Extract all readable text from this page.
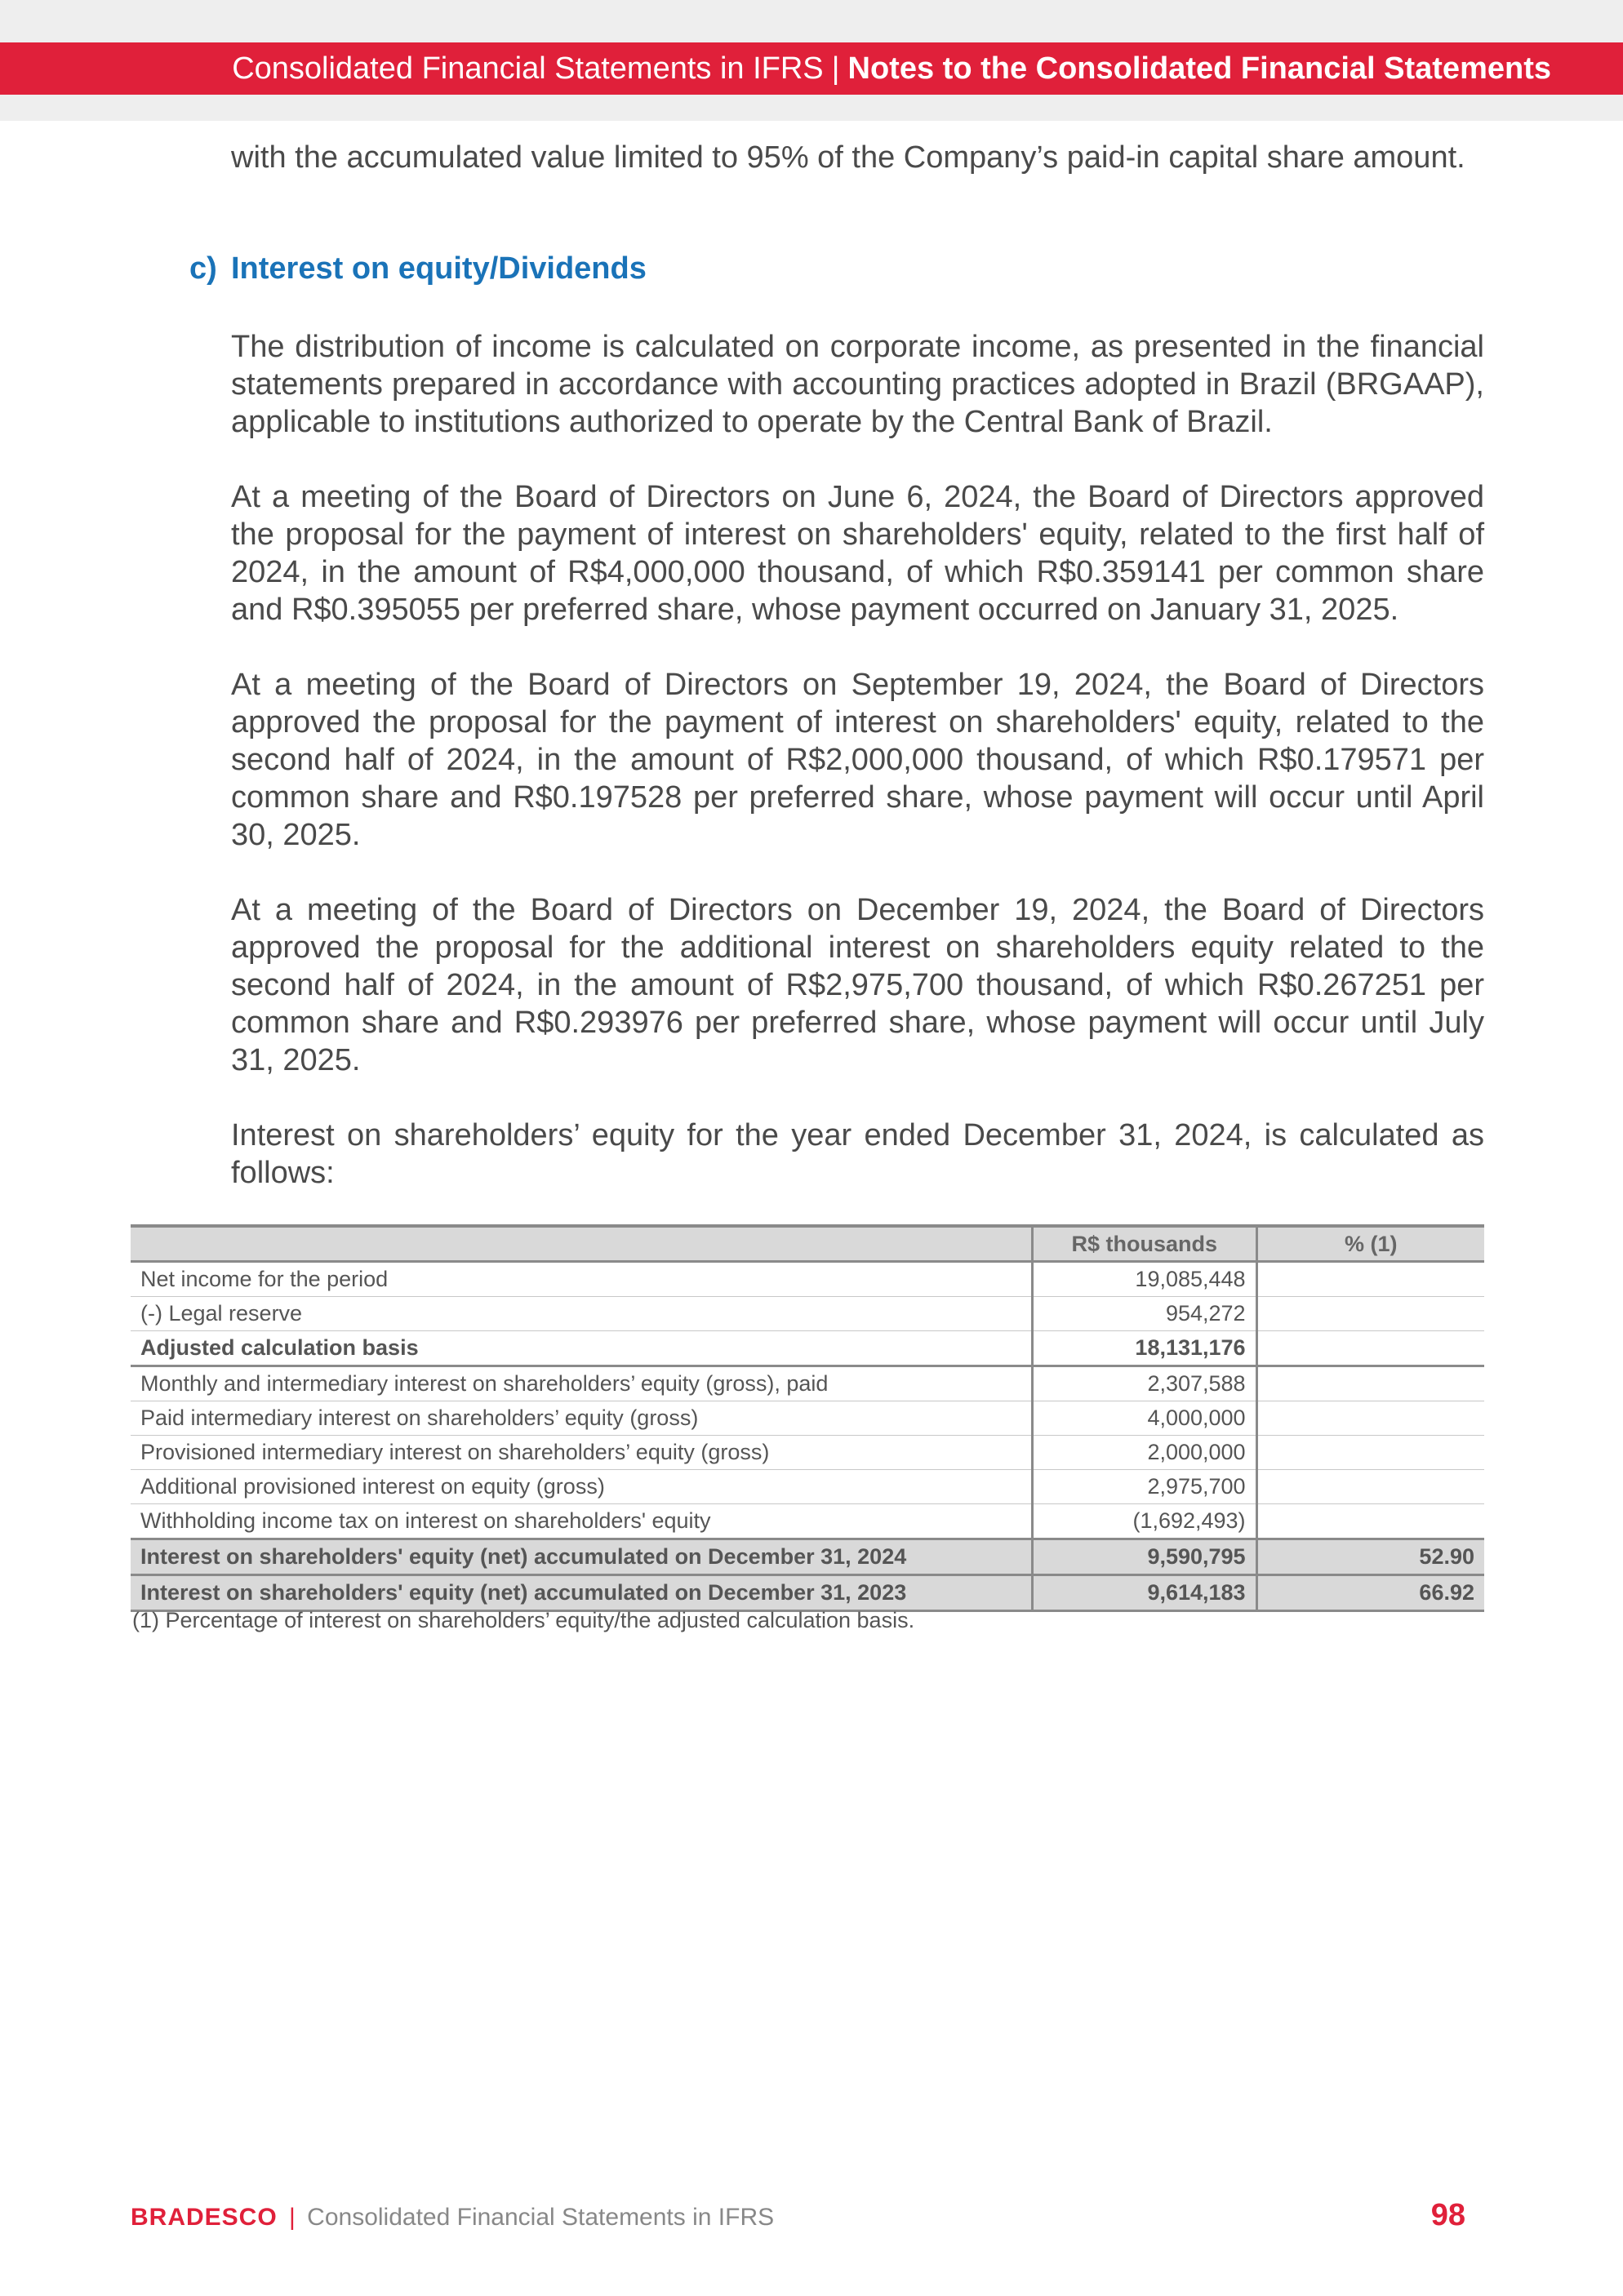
Consolidated Financial Statements in IFRS | Notes to the Consolidated Financial Statements

with the accumulated value limited to 95% of the Company’s paid-in capital share amount.

c) Interest on equity/Dividends

The distribution of income is calculated on corporate income, as presented in the financial statements prepared in accordance with accounting practices adopted in Brazil (BRGAAP), applicable to institutions authorized to operate by the Central Bank of Brazil.

At a meeting of the Board of Directors on June 6, 2024, the Board of Directors approved the proposal for the payment of interest on shareholders' equity, related to the first half of 2024, in the amount of R$4,000,000 thousand, of which R$0.359141 per common share and R$0.395055 per preferred share, whose payment occurred on January 31, 2025.

At a meeting of the Board of Directors on September 19, 2024, the Board of Directors approved the proposal for the payment of interest on shareholders' equity, related to the second half of 2024, in the amount of R$2,000,000 thousand, of which R$0.179571 per common share and R$0.197528 per preferred share, whose payment will occur until April 30, 2025.

At a meeting of the Board of Directors on December 19, 2024, the Board of Directors approved the proposal for the additional interest on shareholders equity related to the second half of 2024, in the amount of R$2,975,700 thousand, of which R$0.267251 per common share and R$0.293976 per preferred share, whose payment will occur until July 31, 2025.

Interest on shareholders’ equity for the year ended December 31, 2024, is calculated as follows:

	R$ thousands	% (1)
Net income for the period	19,085,448	
(-) Legal reserve	954,272	
Adjusted calculation basis	18,131,176	
Monthly and intermediary interest on shareholders’ equity (gross), paid	2,307,588	
Paid intermediary interest on shareholders’ equity (gross)	4,000,000	
Provisioned intermediary interest on shareholders’ equity (gross)	2,000,000	
Additional provisioned interest on equity (gross)	2,975,700	
Withholding income tax on interest on shareholders' equity	(1,692,493)	
Interest on shareholders' equity (net) accumulated on December 31, 2024	9,590,795	52.90
Interest on shareholders' equity (net) accumulated on December 31, 2023	9,614,183	66.92
(1) Percentage of interest on shareholders’ equity/the adjusted calculation basis.
BRADESCO | Consolidated Financial Statements in IFRS	98
